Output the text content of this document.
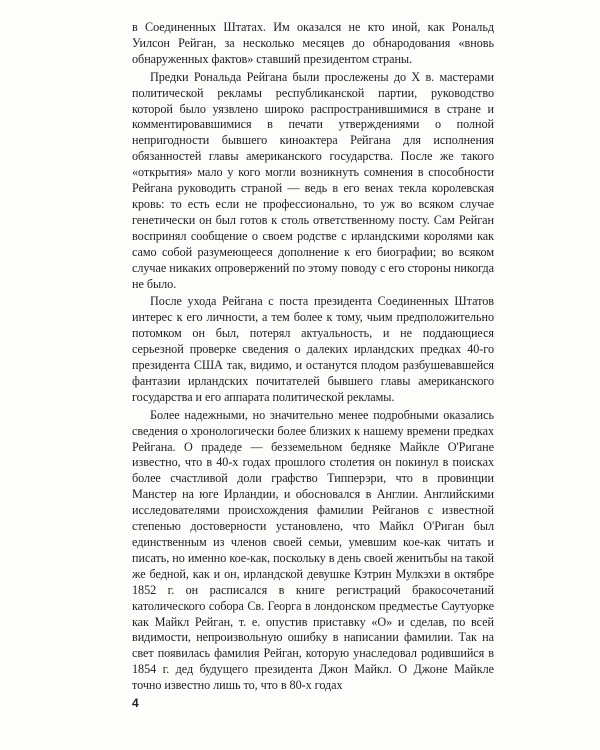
в Соединенных Штатах. Им оказался не кто иной, как Рональд Уилсон Рейган, за несколько месяцев до обнародования «вновь обнаруженных фактов» ставший президентом страны.

Предки Рональда Рейгана были прослежены до X в. мастерами политической рекламы республиканской партии, руководство которой было уязвлено широко распространившимися в стране и комментировавшимися в печати утверждениями о полной непригодности бывшего киноактера Рейгана для исполнения обязанностей главы американского государства. После же такого «открытия» мало у кого могли возникнуть сомнения в способности Рейгана руководить страной — ведь в его венах текла королевская кровь: то есть если не профессионально, то уж во всяком случае генетически он был готов к столь ответственному посту. Сам Рейган воспринял сообщение о своем родстве с ирландскими королями как само собой разумеющееся дополнение к его биографии; во всяком случае никаких опровержений по этому поводу с его стороны никогда не было.

После ухода Рейгана с поста президента Соединенных Штатов интерес к его личности, а тем более к тому, чьим предположительно потомком он был, потерял актуальность, и не поддающиеся серьезной проверке сведения о далеких ирландских предках 40-го президента США так, видимо, и останутся плодом разбушевавшейся фантазии ирландских почитателей бывшего главы американского государства и его аппарата политической рекламы.

Более надежными, но значительно менее подробными оказались сведения о хронологически более близких к нашему времени предках Рейгана. О прадеде — безземельном бедняке Майкле О'Ригане известно, что в 40-х годах прошлого столетия он покинул в поисках более счастливой доли графство Типперэри, что в провинции Манстер на юге Ирландии, и обосновался в Англии. Английскими исследователями происхождения фамилии Рейганов с известной степенью достоверности установлено, что Майкл О'Риган был единственным из членов своей семьи, умевшим кое-как читать и писать, но именно кое-как, поскольку в день своей женитьбы на такой же бедной, как и он, ирландской девушке Кэтрин Мулкэхи в октябре 1852 г. он расписался в книге регистраций бракосочетаний католического собора Св. Георга в лондонском предместье Саутуорке как Майкл Рейган, т. е. опустив приставку «О» и сделав, по всей видимости, непроизвольную ошибку в написании фамилии. Так на свет появилась фамилия Рейган, которую унаследовал родившийся в 1854 г. дед будущего президента Джон Майкл. О Джоне Майкле точно известно лишь то, что в 80-х годах

4
